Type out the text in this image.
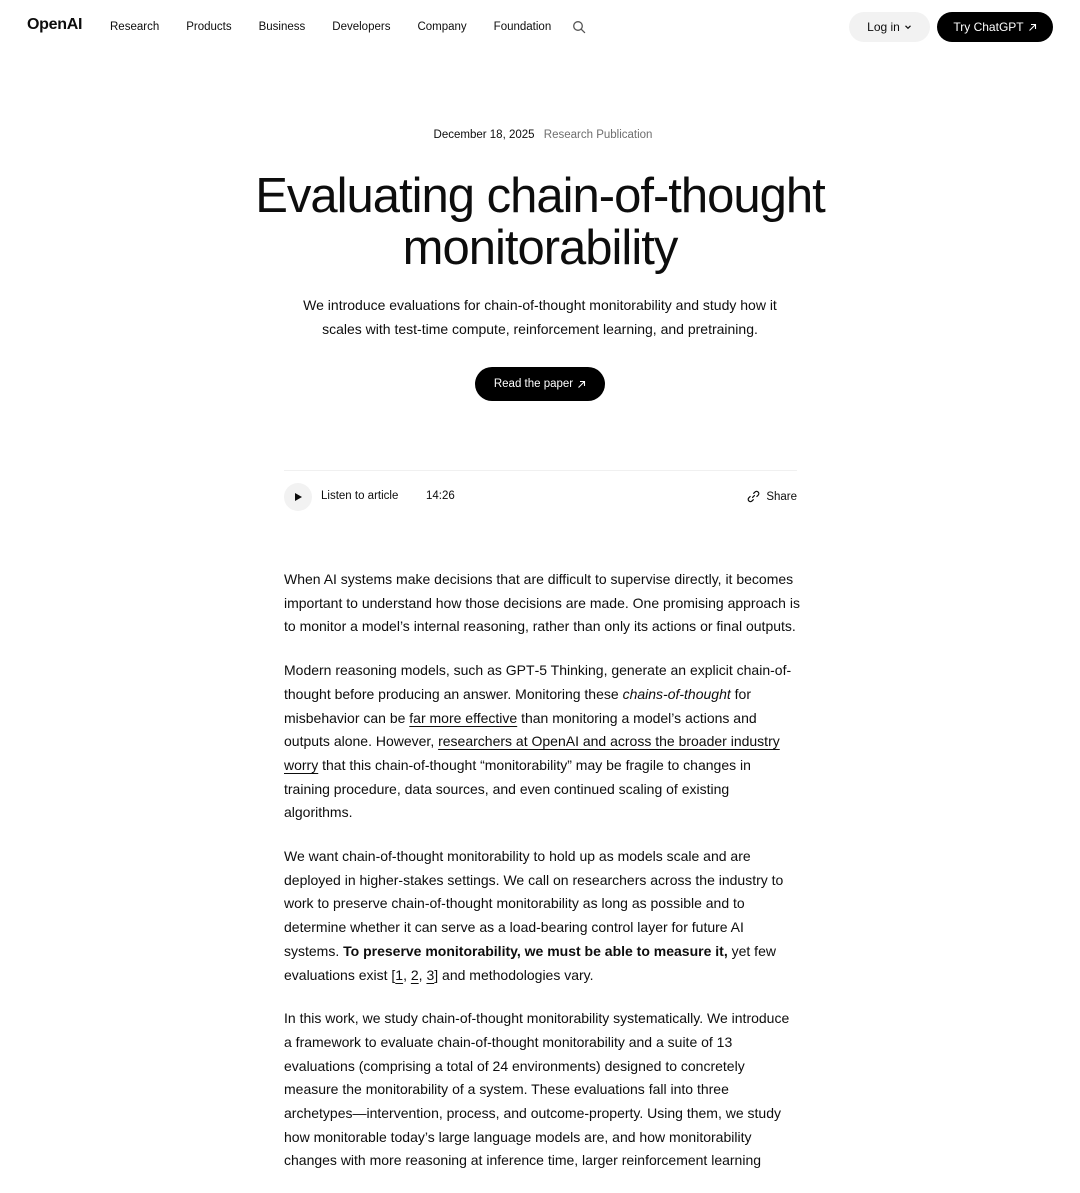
OpenAI Research Products Business Developers Company Foundation	Log in	Try ChatGPT
December 18, 2025 Research Publication
Evaluating chain-of-thought monitorability

We introduce evaluations for chain-of-thought monitorability and study how it scales with test-time compute, reinforcement learning, and pretraining.

Read the paper
Listen to article 14:26	Share

When AI systems make decisions that are difficult to supervise directly, it becomes important to understand how those decisions are made. One promising approach is to monitor a model’s internal reasoning, rather than only its actions or final outputs.

Modern reasoning models, such as GPT‑5 Thinking, generate an explicit chain-of-thought before producing an answer. Monitoring these chains-of-thought for misbehavior can be far more effective than monitoring a model’s actions and outputs alone. However, researchers at OpenAI and across the broader industry worry that this chain-of-thought “monitorability” may be fragile to changes in training procedure, data sources, and even continued scaling of existing algorithms.

We want chain-of-thought monitorability to hold up as models scale and are deployed in higher-stakes settings. We call on researchers across the industry to work to preserve chain-of-thought monitorability as long as possible and to determine whether it can serve as a load-bearing control layer for future AI systems. To preserve monitorability, we must be able to measure it, yet few evaluations exist [1, 2, 3] and methodologies vary.

In this work, we study chain-of-thought monitorability systematically. We introduce a framework to evaluate chain-of-thought monitorability and a suite of 13 evaluations (comprising a total of 24 environments) designed to concretely measure the monitorability of a system. These evaluations fall into three archetypes—intervention, process, and outcome-property. Using them, we study how monitorable today’s large language models are, and how monitorability changes with more reasoning at inference time, larger reinforcement learning
